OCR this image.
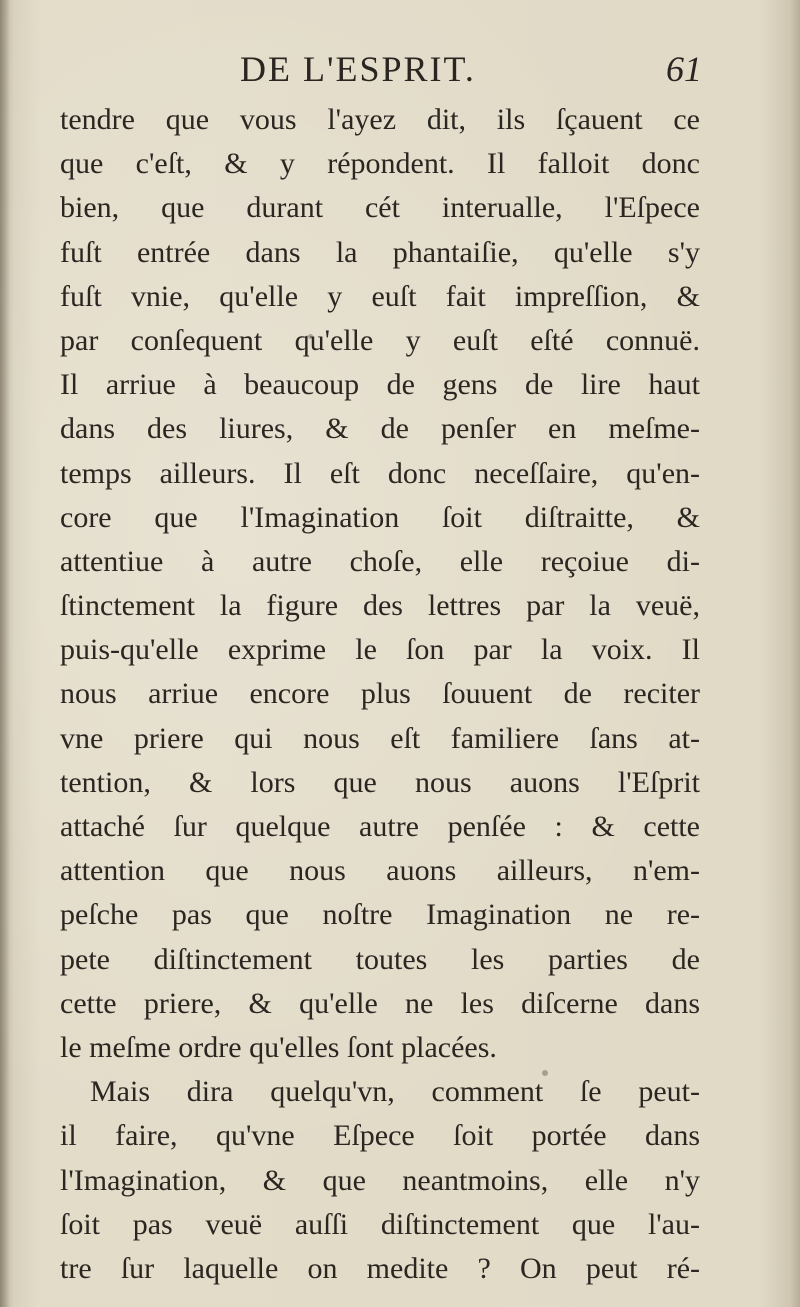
DE L'ESPRIT.	61
tendre que vous l'ayez dit, ils ſçauent ce
que c'eſt, & y répondent. Il falloit donc
bien, que durant cét interualle, l'Eſpece
fuſt entrée dans la phantaiſie, qu'elle s'y
fuſt vnie, qu'elle y euſt fait impreſſion, &
par conſequent qu'elle y euſt eſté connuë.
Il arriue à beaucoup de gens de lire haut
dans des liures, & de penſer en meſme-
temps ailleurs. Il eſt donc neceſſaire, qu'en-
core que l'Imagination ſoit diſtraitte, &
attentiue à autre choſe, elle reçoiue di-
ſtinctement la figure des lettres par la veuë,
puis-qu'elle exprime le ſon par la voix. Il
nous arriue encore plus ſouuent de reciter
vne priere qui nous eſt familiere ſans at-
tention, & lors que nous auons l'Eſprit
attaché ſur quelque autre penſée : & cette
attention que nous auons ailleurs, n'em-
peſche pas que noſtre Imagination ne re-
pete diſtinctement toutes les parties de
cette priere, & qu'elle ne les diſcerne dans
le meſme ordre qu'elles ſont placées.
Mais dira quelqu'vn, comment ſe peut-
il faire, qu'vne Eſpece ſoit portée dans
l'Imagination, & que neantmoins, elle n'y
ſoit pas veuë auſſi diſtinctement que l'au-
tre ſur laquelle on medite ? On peut ré-
